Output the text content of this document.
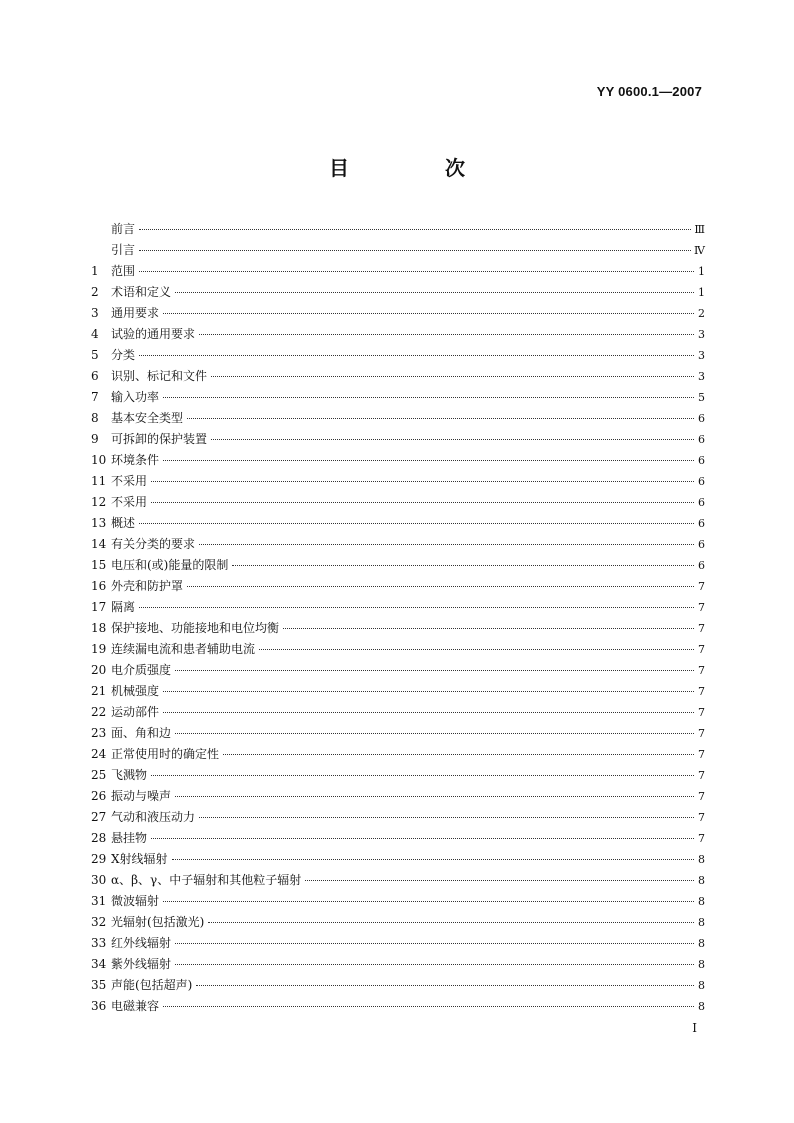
YY 0600.1—2007
目　次
前言	Ⅲ
引言	Ⅳ
1	范围	1
2	术语和定义	1
3	通用要求	2
4	试验的通用要求	3
5	分类	3
6	识别、标记和文件	3
7	输入功率	5
8	基本安全类型	6
9	可拆卸的保护装置	6
10 环境条件	6
11 不采用	6
12 不采用	6
13 概述	6
14 有关分类的要求	6
15 电压和(或)能量的限制	6
16 外壳和防护罩	7
17 隔离	7
18 保护接地、功能接地和电位均衡	7
19 连续漏电流和患者辅助电流	7
20 电介质强度	7
21 机械强度	7
22 运动部件	7
23 面、角和边	7
24 正常使用时的确定性	7
25 飞溅物	7
26 振动与噪声	7
27 气动和液压动力	7
28 悬挂物	7
29 X射线辐射	8
30 α、β、γ、中子辐射和其他粒子辐射	8
31 微波辐射	8
32 光辐射(包括激光)	8
33 红外线辐射	8
34 紫外线辐射	8
35 声能(包括超声)	8
36 电磁兼容	8
I
